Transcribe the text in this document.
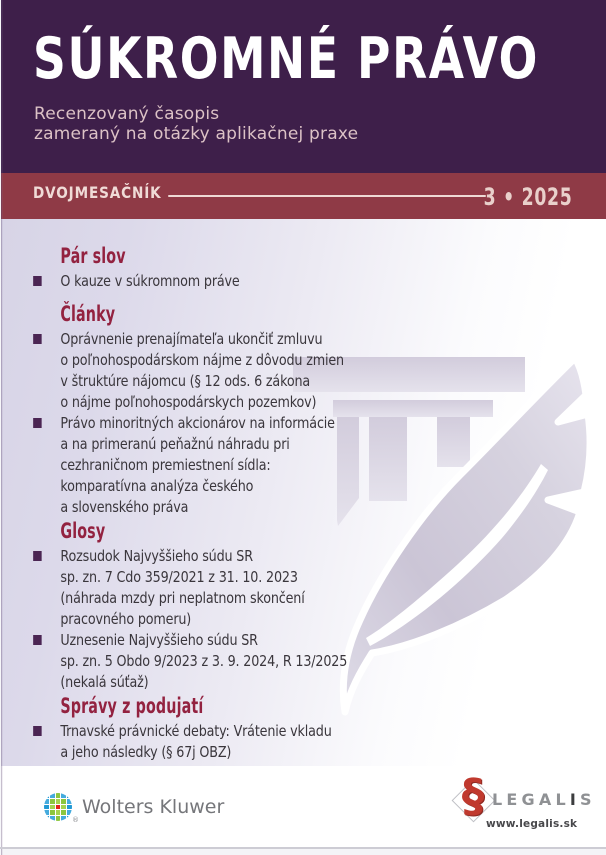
SÚKROMNÉ PRÁVO
Recenzovaný časopis
zameraný na otázky aplikačnej praxe
DVOJMESAČNÍK	3 • 2025
Pár slov
O kauze v súkromnom práve
Články
Oprávnenie prenajímateľa ukončiť zmluvu
o poľnohospodárskom nájme z dôvodu zmien
v štruktúre nájomcu (§ 12 ods. 6 zákona
o nájme poľnohospodárskych pozemkov)
Právo minoritných akcionárov na informácie
a na primeranú peňažnú náhradu pri
cezhraničnom premiestnení sídla:
komparatívna analýza českého
a slovenského práva
Glosy
Rozsudok Najvyššieho súdu SR
sp. zn. 7 Cdo 359/2021 z 31. 10. 2023
(náhrada mzdy pri neplatnom skončení
pracovného pomeru)
Uznesenie Najvyššieho súdu SR
sp. zn. 5 Obdo 9/2023 z 3. 9. 2024, R 13/2025
(nekalá súťaž)
Správy z podujatí
Trnavské právnické debaty: Vrátenie vkladu
a jeho následky (§ 67j OBZ)
®
Wolters Kluwer	§ LEGALIS
www.legalis.sk
